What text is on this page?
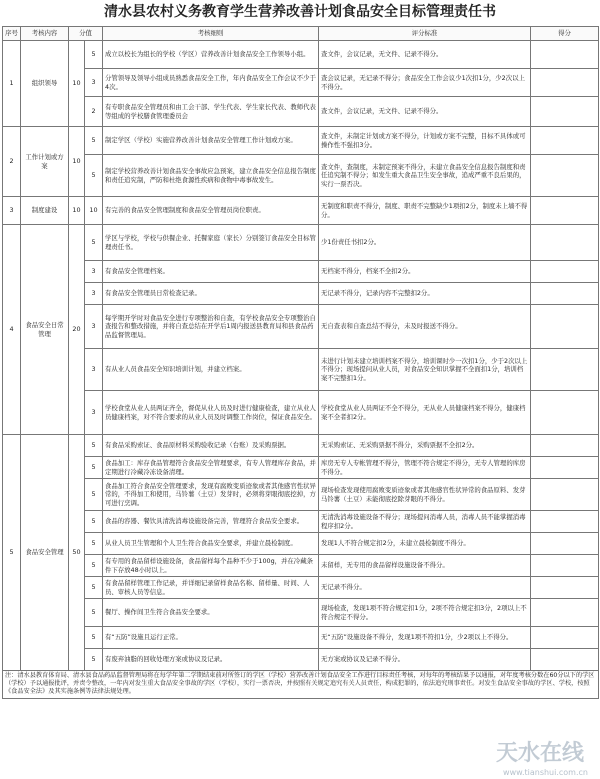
清水县农村义务教育学生营养改善计划食品安全目标管理责任书
序号	考核内容	分值		考核细则	评分标准	得分
1	组织领导	10	5	成立以校长为组长的学校（学区）营养改善计划食品安全工作领导小组。	查文件，会议记录，无文件、记录不得分。	
			3	分管领导及领导小组成员熟悉食品安全工作，年内食品安全工作会议不少于4次。	查会议记录，无记录不得分；食品安全工作会议少1次扣1分，少2次以上不得分。	
			2	有专职食品安全管理员和由工会干部、学生代表、学生家长代表、教师代表等组成的学校膳食管理委员会	查文件，会议记录，无文件、记录不得分。	
2	工作计划或方案	10	5	制定学区（学校）实施营养改善计划食品安全管理工作计划或方案。	查文件，未制定计划或方案不得分，计划或方案不完整，目标不具体或可操作性不强扣3分。	
			5	制定学校营养改善计划食品安全事故应急预案，建立食品安全信息报告制度和责任追究制，严防和杜绝食源性疾病和食物中毒事故发生。	查文件，查制度，未制定预案不得分，未建立食品安全信息报告制度和责任追究制不得分；如发生重大食品卫生安全事故，追成严重不良后果的，实行一票否决。	
3	制度建设	10	10	有完善的食品安全管理制度和食品安全管理员岗位职责。	无制度和职责不得分，制度、职责不完整缺少1项扣2分，制度未上墙不得分。	
4	食品安全日常管理	20	5	学区与学校，学校与供餐企业、托餐家庭（家长）分别签订食品安全目标管理责任书。	少1份责任书扣2分。	
			3	有食品安全管理档案。	无档案不得分，档案不全扣2分。	
			3	有食品安全管理员日常检查记录。	无记录不得分，记录内容不完整扣2分。	
			3	每学期开学时对食品安全进行专项整治和自查，有学校食品安全专项整治自查报告和整改措施，并将自查总结在开学后1周内报送县教育局和县食品药品监督管理局。	无自查表和自查总结不得分，未及时报送不得分。	
			3	有从业人员食品安全知识培训计划，并建立档案。	未进行计划未建立培训档案不得分，培训课时少一次扣1分，少于2次以上不得分；现场提问从业人员，对食品安全知识掌握不全面扣1分，培训档案不完整扣1分。	
			3	学校食堂从业人员两证齐全，督促从业人员及时进行健康检查，建立从业人员健康档案，对不符合要求的从业人员及时调整工作岗位，保证食品安全。	学校食堂从业人员两证不全不得分，无从业人员健康档案不得分，健康档案不全者扣2分。	
5	食品安全管理	50	5	有食品采购索证、食品原材料采购验收记录（台账）及采购票据。	无采购索证、无采购票据不得分，采购票据不全扣2分。	
			5	食品加工：库存食品管理符合食品安全管理要求，有专人管理库存食品，并定期进行冷藏冷冻设备清理。	库房无专人专帐管理不得分，管理不符合规定不得分，无专人管理的库房不得分。	
			5	食品加工符合食品安全管理要求，发现有腐败变质迹象或者其他感官性状异常的，不得加工和使用，马铃薯（土豆）发芽时，必须将芽眼彻底挖掉，方可进行烹调。	现场检查发现使用腐败变质迹象或者其他感官性状异常的食品原料、发芽马铃薯（土豆）未能彻底挖除芽眼的不得分。	
			5	食品的容器、餐饮具清洗消毒设施设备完善，管理符合食品安全要求。	无清洗消毒设施设备不得分；现场提问消毒人员，消毒人员不能掌握消毒程序扣2分。	
			5	从业人员卫生管理和个人卫生符合食品安全要求，并建立晨检制度。	发现1人不符合规定扣2分，未建立晨检制度不得分。	
			5	有专用的食品留样设施设备，食品留样每个品种不少于100g，并在冷藏条件下存放48小时以上。	未留样，无专用的食品留样设施设备不得分。	
			5	有食品留样管理工作记录，并详细记录留样食品名称、留样量、时间、人员、审核人员等信息。	无记录不得分。	
			5	餐厅、操作间卫生符合食品安全要求。	现场检查，发现1项不符合规定扣1分，2项不符合规定扣3分，2项以上不符合规定不得分。	
			5	有“五防”设施且运行正常。	无“五防”设施设备不得分，发现1项不符扣1分，少2项以上不得分。	
			5	有废弃油脂的回收处理方案或协议及记录。	无方案或协议及记录不得分。	
注：清水县教育体育局、清水县食品药品监督管理局将在每学年第二学期结束前对所签订的学区（学校）营养改善计划食品安全工作进行目标责任考核，对每年的考核结果予以通报，对年度考核分数在60分以下的学区（学校）予以通报批评，并责令整改，一年内对发生重大食品安全事故的学区（学校），实行一票否决，并按照有关规定追究有关人员责任，构成犯罪的，依法追究刑事责任。对发生食品安全事故的学区、学校，按照《食品安全法》及其实施条例等法律法规处理。						
天水在线
www.tianshui.com.cn
